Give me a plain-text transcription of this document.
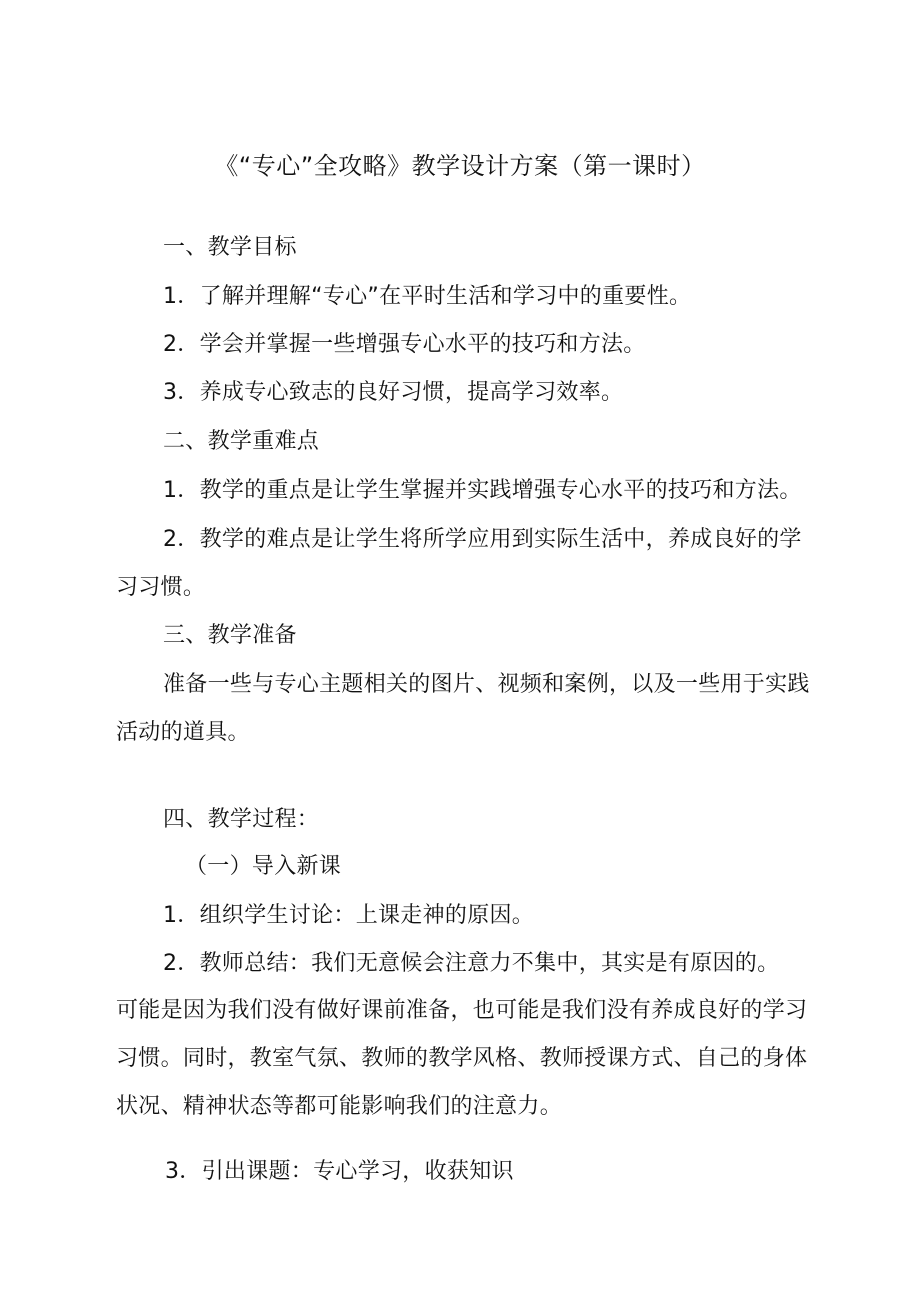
《“专心”全攻略》教学设计方案（第一课时）
一、教学目标
1．了解并理解“专心”在平时生活和学习中的重要性。
2．学会并掌握一些增强专心水平的技巧和方法。
3．养成专心致志的良好习惯，提高学习效率。
二、教学重难点
1．教学的重点是让学生掌握并实践增强专心水平的技巧和方法。
2．教学的难点是让学生将所学应用到实际生活中，养成良好的学
习习惯。
三、教学准备
准备一些与专心主题相关的图片、视频和案例，以及一些用于实践
活动的道具。
四、教学过程：
（一）导入新课
1．组织学生讨论：上课走神的原因。
2．教师总结：我们无意候会注意力不集中，其实是有原因的。
可能是因为我们没有做好课前准备，也可能是我们没有养成良好的学习
习惯。同时，教室气氛、教师的教学风格、教师授课方式、自己的身体
状况、精神状态等都可能影响我们的注意力。
3．引出课题：专心学习，收获知识
